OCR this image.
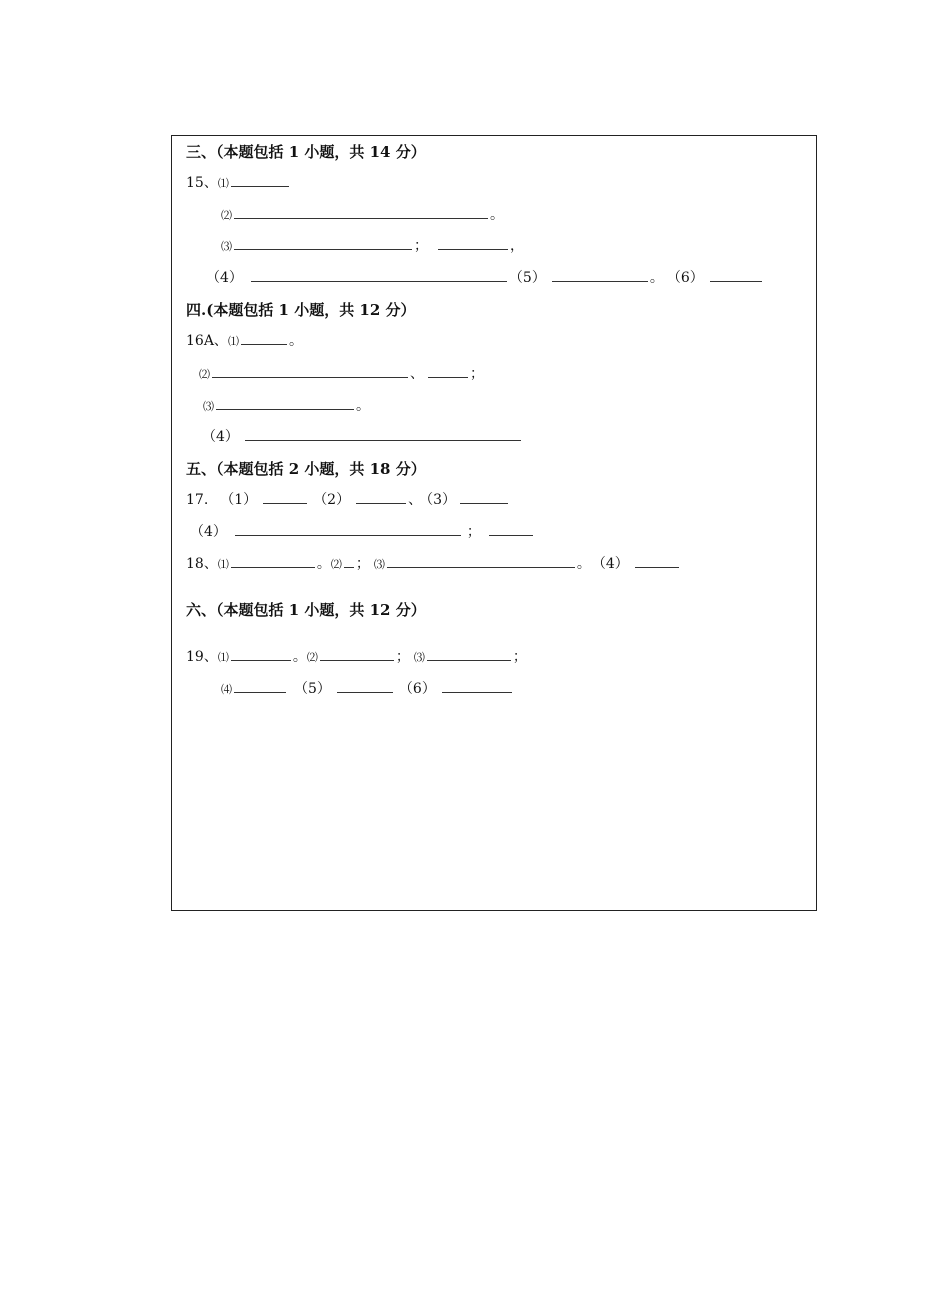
三、（本题包括 1 小题，共 14 分）
15、⑴
⑵	。
⑶	；	，
（4）	（5）	。 （6）
四.(本题包括 1 小题，共 12 分）
16A、⑴	。
⑵	、	；
⑶	。
（4）
五、（本题包括 2 小题，共 18 分）
17. （1）	（2）	、 （3）
（4）	；
18、⑴	。⑵ ； ⑶	。 （4）
六、（本题包括 1 小题，共 12 分）
19、⑴	。⑵	； ⑶	；
⑷	（5）	（6）
